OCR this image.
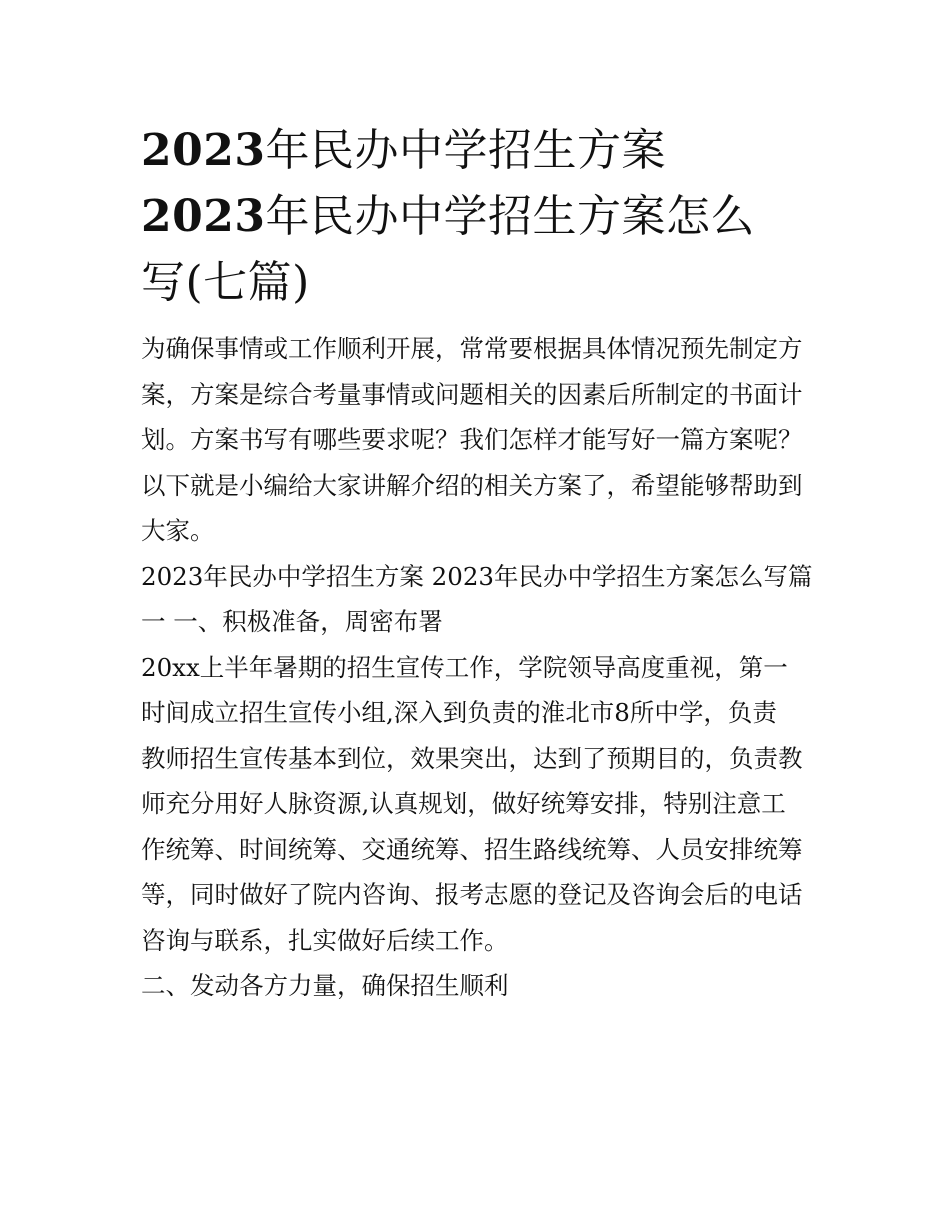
2023年民办中学招生方案
2023年民办中学招生方案怎么
写(七篇)

为确保事情或工作顺利开展，常常要根据具体情况预先制定方
案，方案是综合考量事情或问题相关的因素后所制定的书面计
划。方案书写有哪些要求呢？我们怎样才能写好一篇方案呢？
以下就是小编给大家讲解介绍的相关方案了，希望能够帮助到
大家。

2023年民办中学招生方案 2023年民办中学招生方案怎么写篇
一 一、积极准备，周密布署

20xx上半年暑期的招生宣传工作，学院领导高度重视，第一
时间成立招生宣传小组,深入到负责的淮北市8所中学，负责
教师招生宣传基本到位，效果突出，达到了预期目的，负责教
师充分用好人脉资源,认真规划，做好统筹安排，特别注意工
作统筹、时间统筹、交通统筹、招生路线统筹、人员安排统筹
等，同时做好了院内咨询、报考志愿的登记及咨询会后的电话
咨询与联系，扎实做好后续工作。

二、发动各方力量，确保招生顺利
